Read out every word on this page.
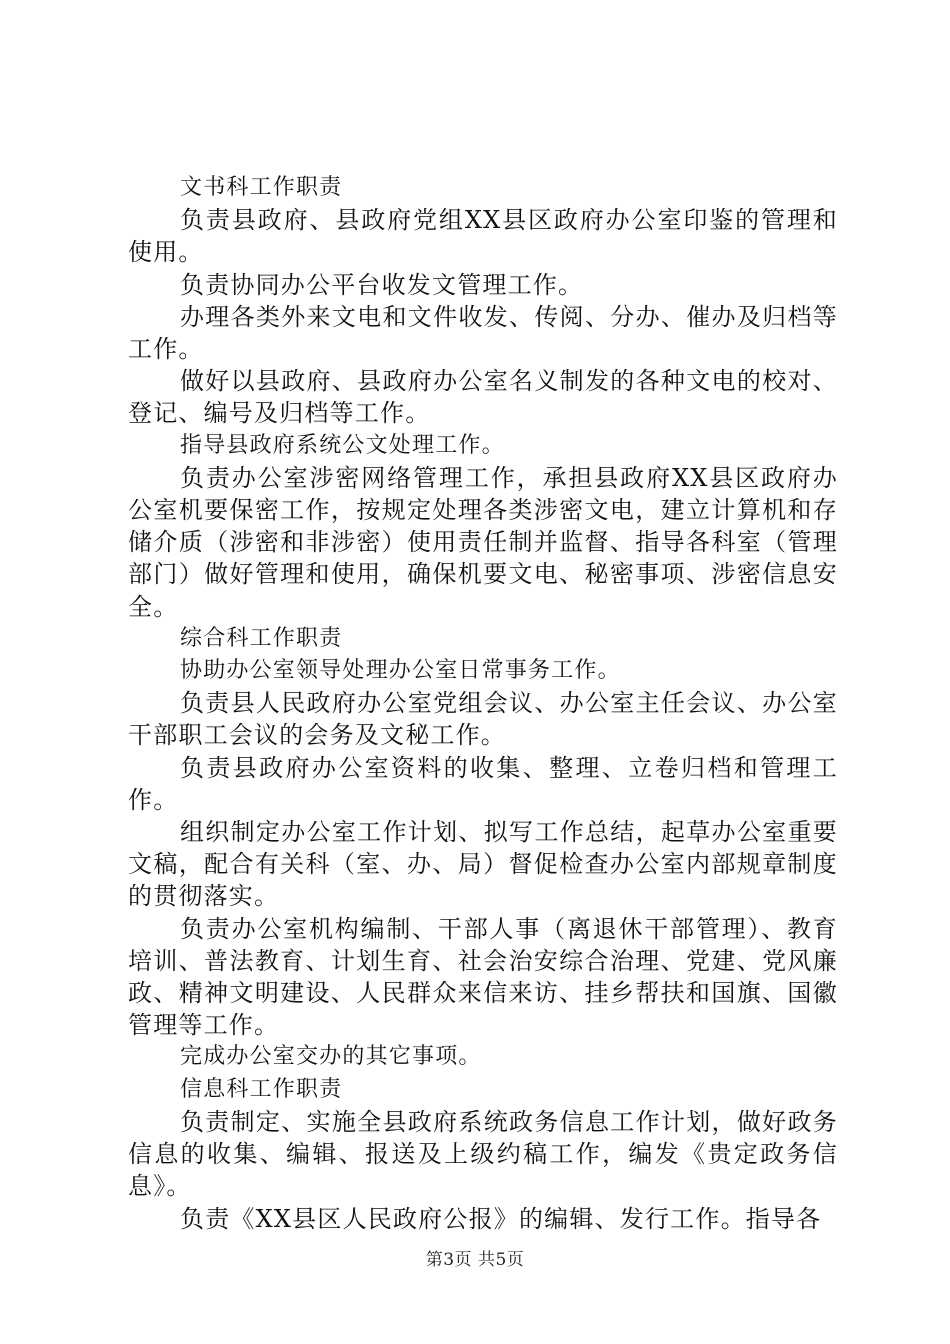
文书科工作职责

负责县政府、县政府党组XX县区政府办公室印鉴的管理和使用。

负责协同办公平台收发文管理工作。

办理各类外来文电和文件收发、传阅、分办、催办及归档等工作。

做好以县政府、县政府办公室名义制发的各种文电的校对、登记、编号及归档等工作。

指导县政府系统公文处理工作。

负责办公室涉密网络管理工作，承担县政府XX县区政府办公室机要保密工作，按规定处理各类涉密文电，建立计算机和存储介质（涉密和非涉密）使用责任制并监督、指导各科室（管理部门）做好管理和使用，确保机要文电、秘密事项、涉密信息安全。

综合科工作职责

协助办公室领导处理办公室日常事务工作。

负责县人民政府办公室党组会议、办公室主任会议、办公室干部职工会议的会务及文秘工作。

负责县政府办公室资料的收集、整理、立卷归档和管理工作。

组织制定办公室工作计划、拟写工作总结，起草办公室重要文稿，配合有关科（室、办、局）督促检查办公室内部规章制度的贯彻落实。

负责办公室机构编制、干部人事（离退休干部管理）、教育培训、普法教育、计划生育、社会治安综合治理、党建、党风廉政、精神文明建设、人民群众来信来访、挂乡帮扶和国旗、国徽管理等工作。

完成办公室交办的其它事项。

信息科工作职责

负责制定、实施全县政府系统政务信息工作计划，做好政务信息的收集、编辑、报送及上级约稿工作，编发《贵定政务信息》。

负责《XX县区人民政府公报》的编辑、发行工作。指导各

第3页 共5页
